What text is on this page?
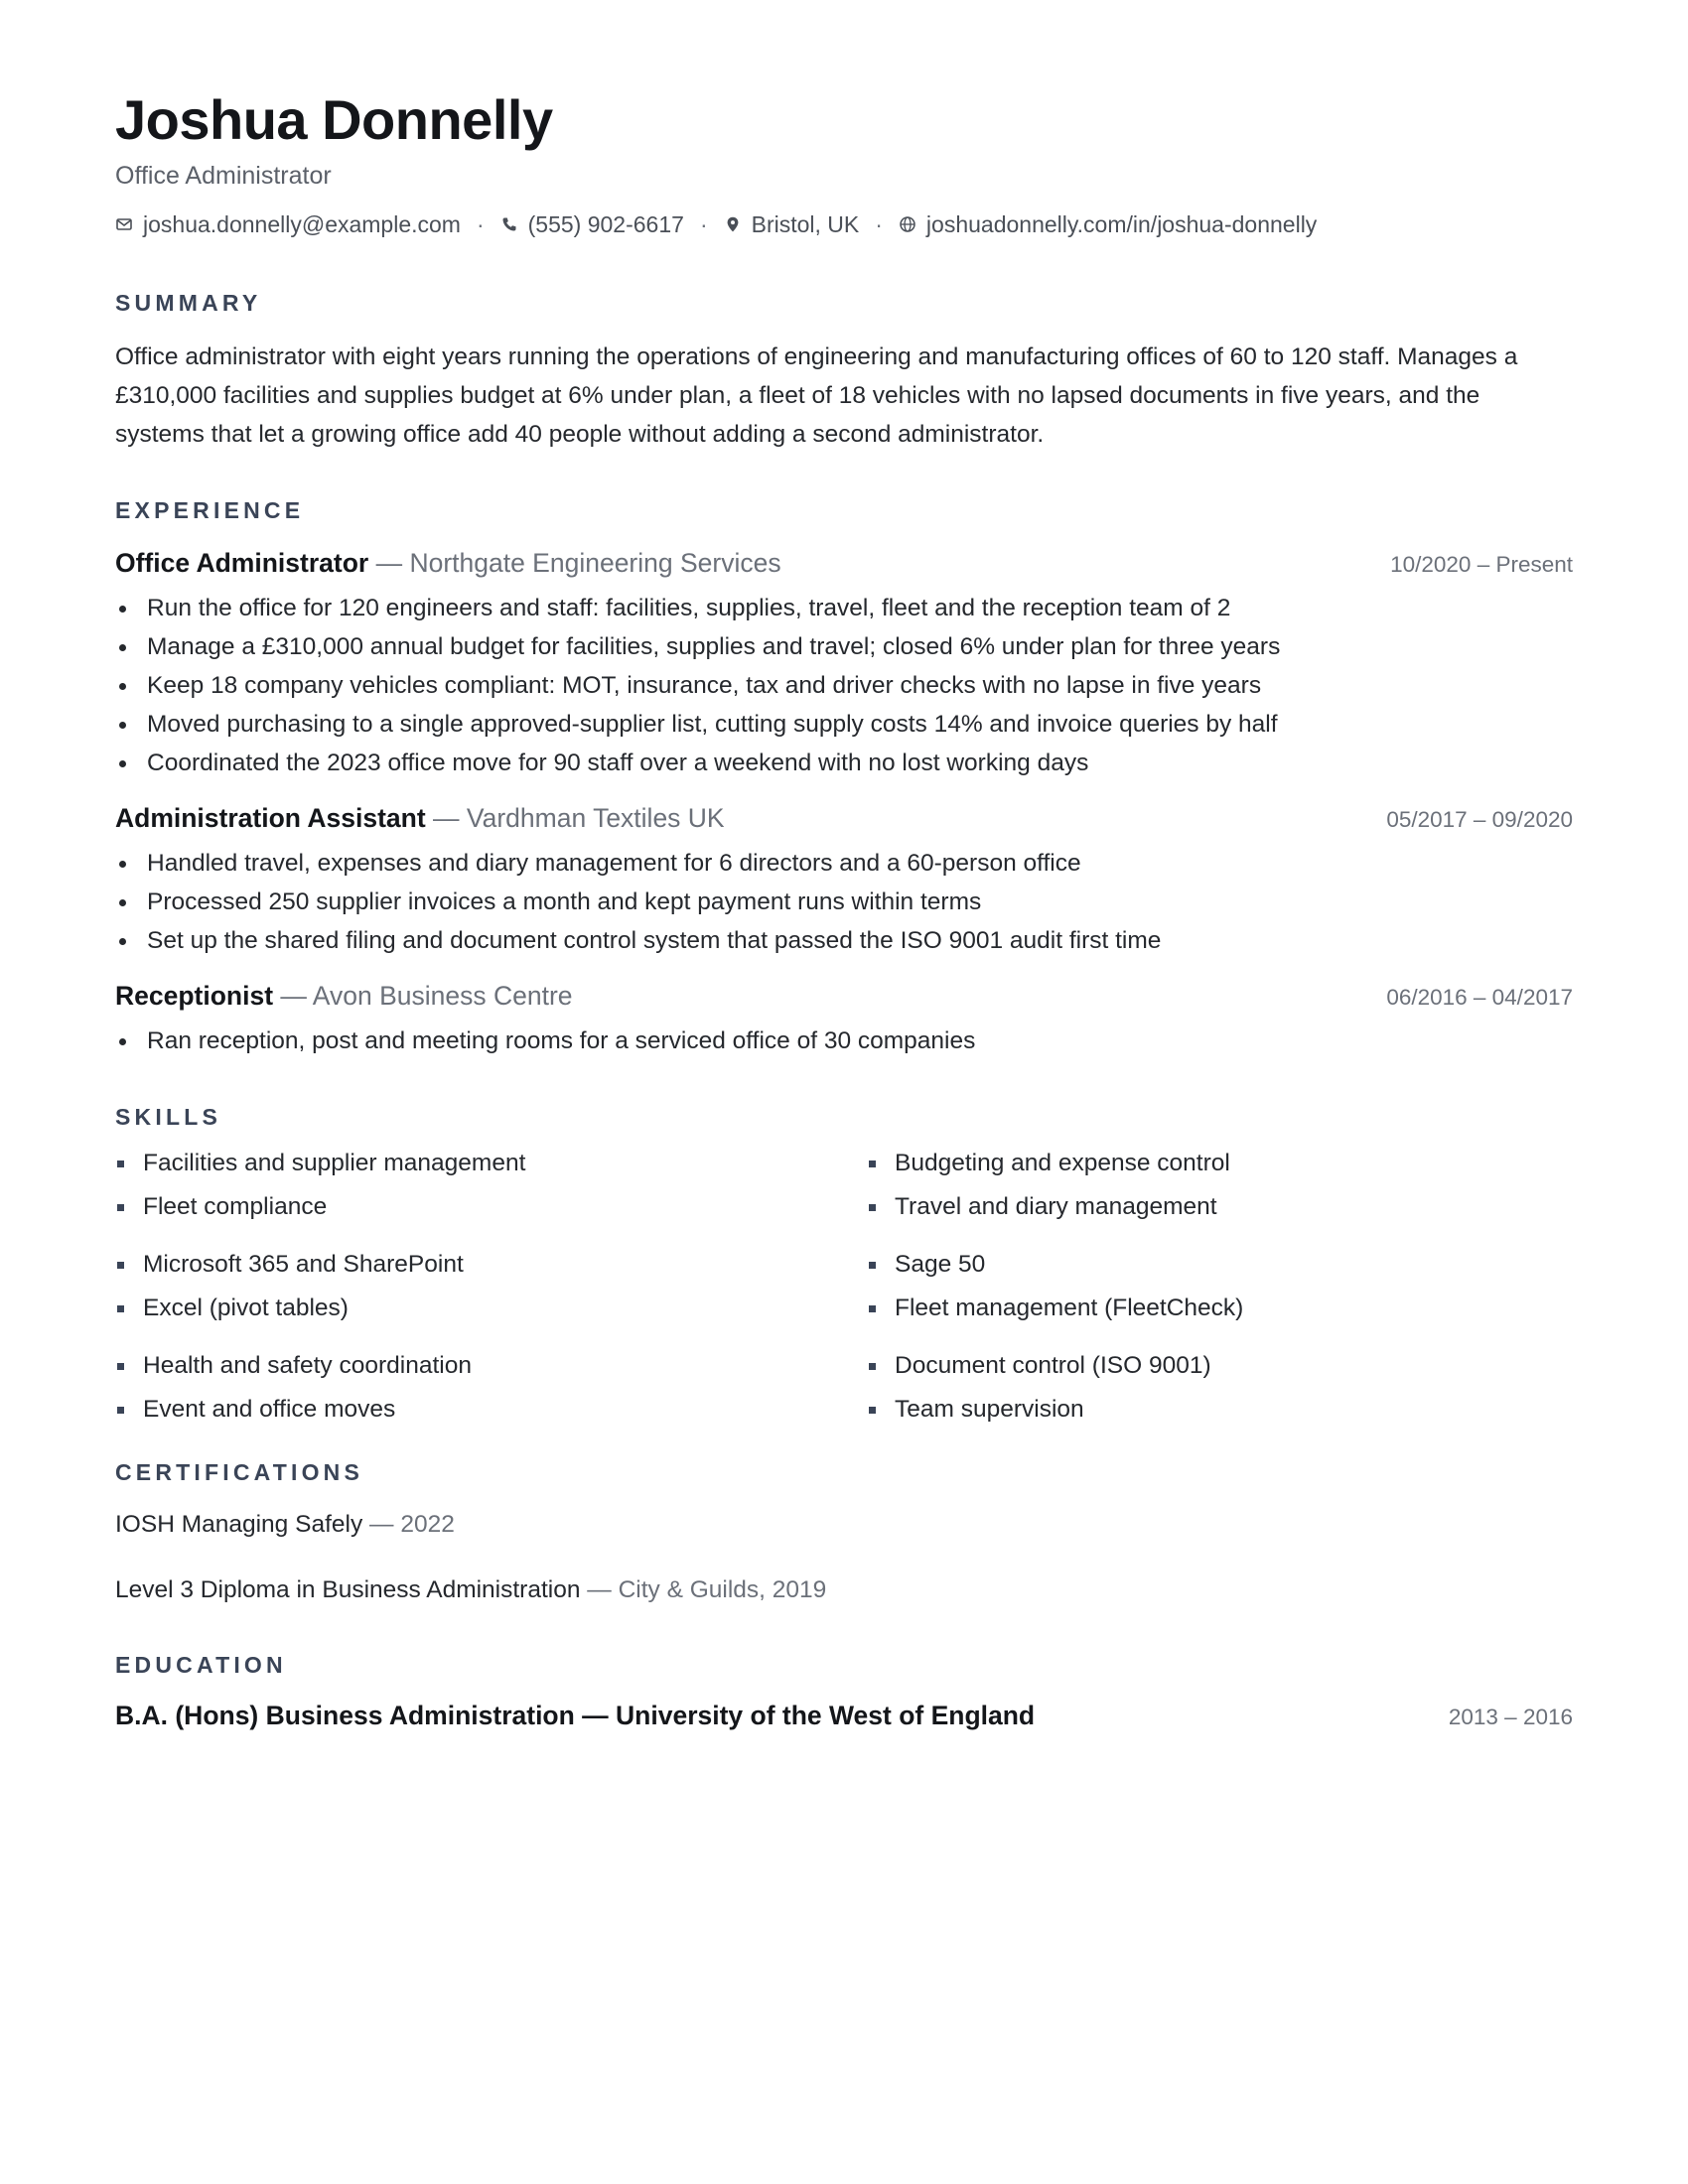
Joshua Donnelly
Office Administrator
joshua.donnelly@example.com · (555) 902-6617 · Bristol, UK · joshuadonnelly.com/in/joshua-donnelly
SUMMARY
Office administrator with eight years running the operations of engineering and manufacturing offices of 60 to 120 staff. Manages a £310,000 facilities and supplies budget at 6% under plan, a fleet of 18 vehicles with no lapsed documents in five years, and the systems that let a growing office add 40 people without adding a second administrator.
EXPERIENCE
Office Administrator — Northgate Engineering Services	10/2020 – Present
Run the office for 120 engineers and staff: facilities, supplies, travel, fleet and the reception team of 2
Manage a £310,000 annual budget for facilities, supplies and travel; closed 6% under plan for three years
Keep 18 company vehicles compliant: MOT, insurance, tax and driver checks with no lapse in five years
Moved purchasing to a single approved-supplier list, cutting supply costs 14% and invoice queries by half
Coordinated the 2023 office move for 90 staff over a weekend with no lost working days
Administration Assistant — Vardhman Textiles UK	05/2017 – 09/2020
Handled travel, expenses and diary management for 6 directors and a 60-person office
Processed 250 supplier invoices a month and kept payment runs within terms
Set up the shared filing and document control system that passed the ISO 9001 audit first time
Receptionist — Avon Business Centre	06/2016 – 04/2017
Ran reception, post and meeting rooms for a serviced office of 30 companies
SKILLS
Facilities and supplier management	Budgeting and expense control
Fleet compliance	Travel and diary management
Microsoft 365 and SharePoint	Sage 50
Excel (pivot tables)	Fleet management (FleetCheck)
Health and safety coordination	Document control (ISO 9001)
Event and office moves	Team supervision
CERTIFICATIONS
IOSH Managing Safely — 2022
Level 3 Diploma in Business Administration — City & Guilds, 2019
EDUCATION
B.A. (Hons) Business Administration — University of the West of England	2013 – 2016
